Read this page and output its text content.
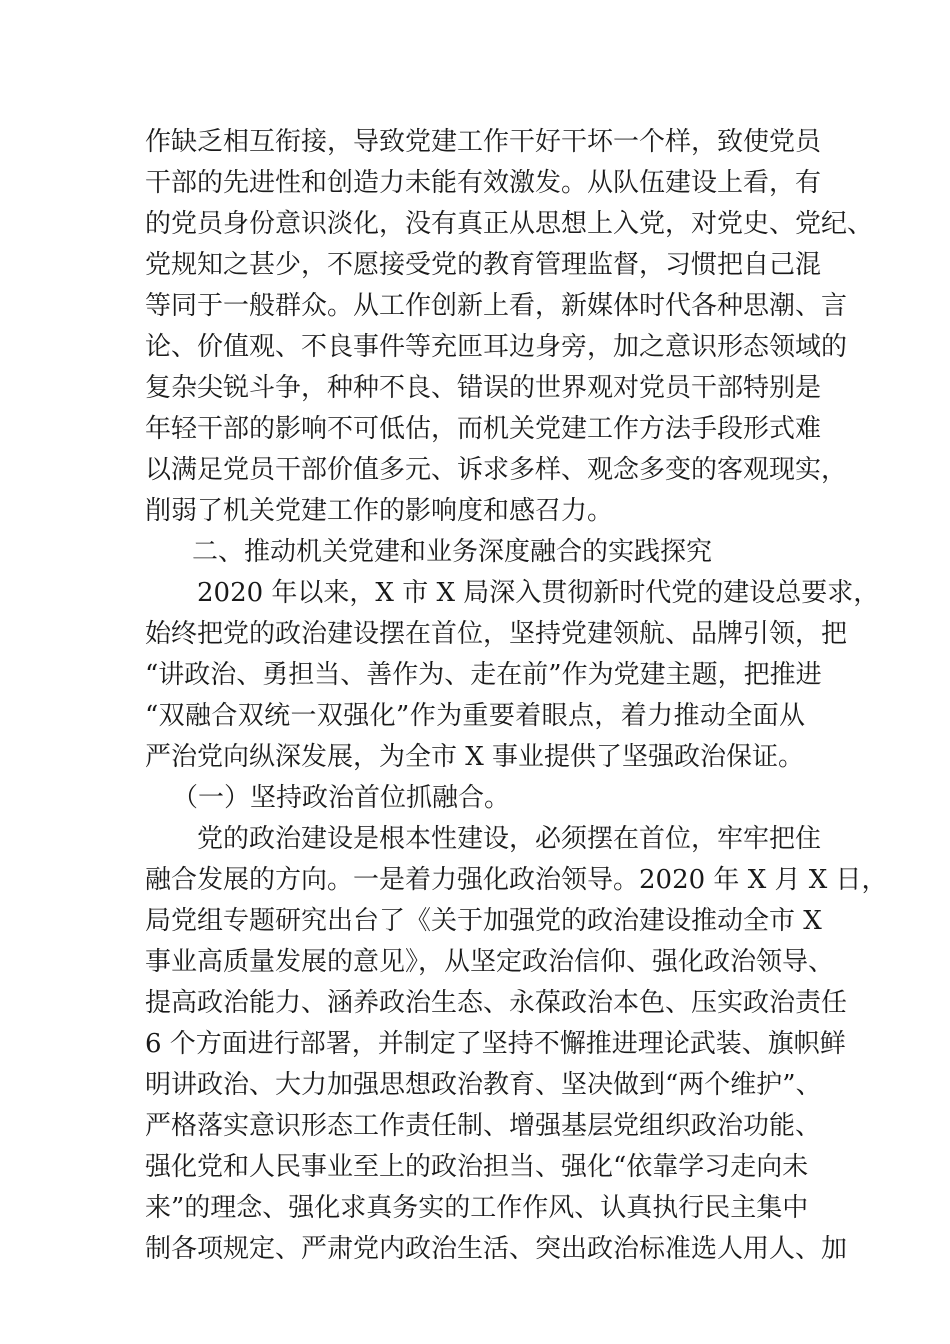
作缺乏相互衔接，导致党建工作干好干坏一个样，致使党员
干部的先进性和创造力未能有效激发。从队伍建设上看，有
的党员身份意识淡化，没有真正从思想上入党，对党史、党纪、
党规知之甚少，不愿接受党的教育管理监督，习惯把自己混
等同于一般群众。从工作创新上看，新媒体时代各种思潮、言
论、价值观、不良事件等充匝耳边身旁，加之意识形态领域的
复杂尖锐斗争，种种不良、错误的世界观对党员干部特别是
年轻干部的影响不可低估，而机关党建工作方法手段形式难
以满足党员干部价值多元、诉求多样、观念多变的客观现实，
削弱了机关党建工作的影响度和感召力。
二、推动机关党建和业务深度融合的实践探究
2020 年以来，X 市 X 局深入贯彻新时代党的建设总要求，
始终把党的政治建设摆在首位，坚持党建领航、品牌引领，把
“讲政治、勇担当、善作为、走在前”作为党建主题，把推进
“双融合双统一双强化”作为重要着眼点，着力推动全面从
严治党向纵深发展，为全市 X 事业提供了坚强政治保证。
（一）坚持政治首位抓融合。
党的政治建设是根本性建设，必须摆在首位，牢牢把住
融合发展的方向。一是着力强化政治领导。2020 年 X 月 X 日，
局党组专题研究出台了《关于加强党的政治建设推动全市 X
事业高质量发展的意见》，从坚定政治信仰、强化政治领导、
提高政治能力、涵养政治生态、永葆政治本色、压实政治责任
6 个方面进行部署，并制定了坚持不懈推进理论武装、旗帜鲜
明讲政治、大力加强思想政治教育、坚决做到“两个维护”、
严格落实意识形态工作责任制、增强基层党组织政治功能、
强化党和人民事业至上的政治担当、强化“依靠学习走向未
来”的理念、强化求真务实的工作作风、认真执行民主集中
制各项规定、严肃党内政治生活、突出政治标准选人用人、加
